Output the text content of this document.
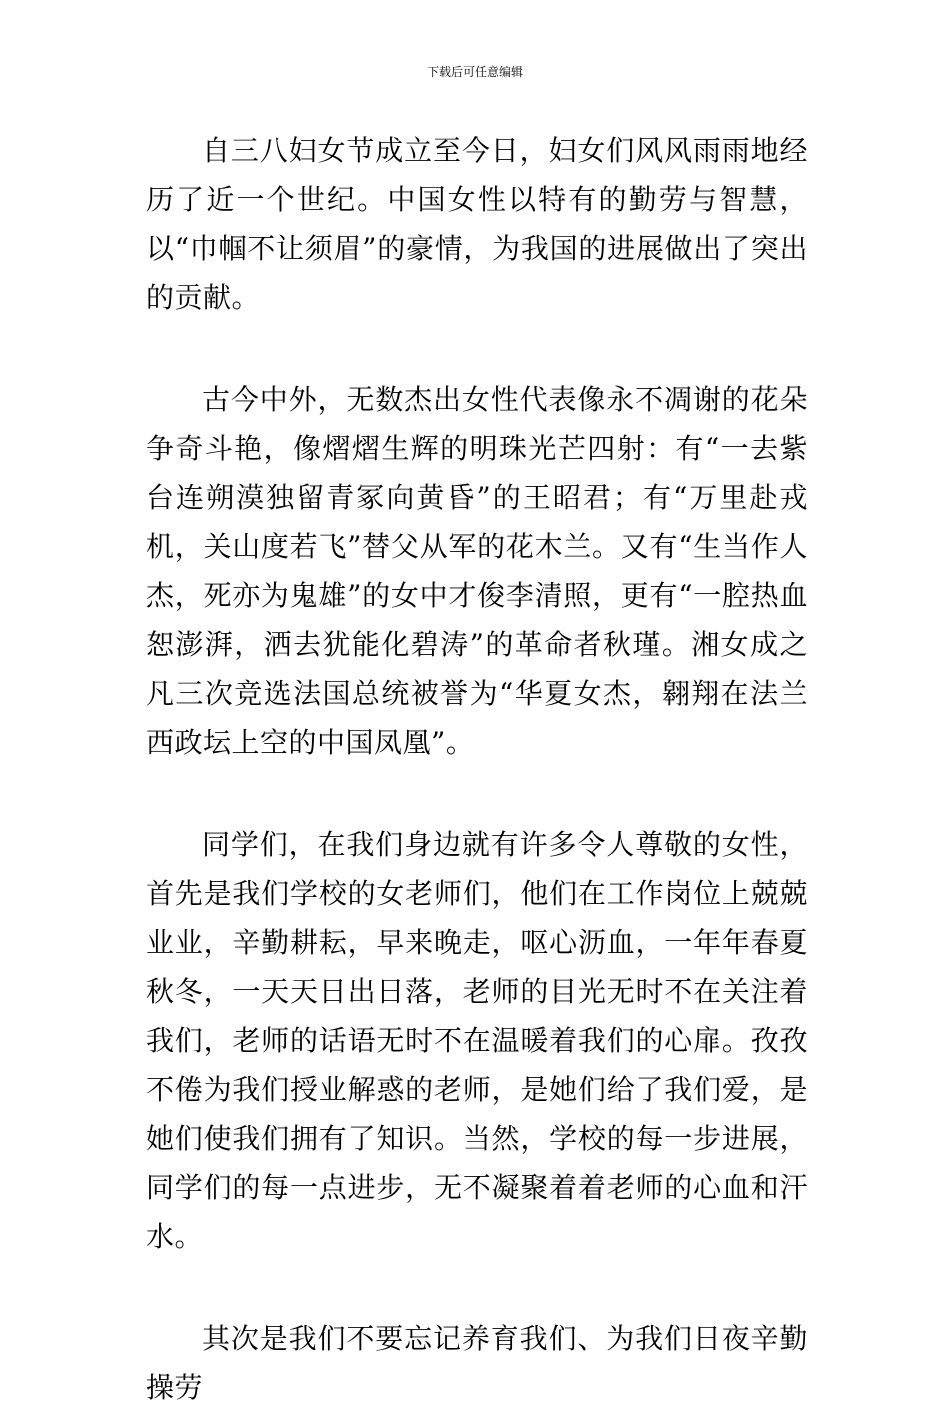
下载后可任意编辑

自三八妇女节成立至今日，妇女们风风雨雨地经历了近一个世纪。中国女性以特有的勤劳与智慧，以“巾帼不让须眉”的豪情，为我国的进展做出了突出的贡献。

古今中外，无数杰出女性代表像永不凋谢的花朵争奇斗艳，像熠熠生辉的明珠光芒四射：有“一去紫台连朔漠独留青冢向黄昏”的王昭君；有“万里赴戎机，关山度若飞”替父从军的花木兰。又有“生当作人杰，死亦为鬼雄”的女中才俊李清照，更有“一腔热血恕澎湃，洒去犹能化碧涛”的革命者秋瑾。湘女成之凡三次竞选法国总统被誉为“华夏女杰，翱翔在法兰西政坛上空的中国凤凰”。

同学们，在我们身边就有许多令人尊敬的女性，首先是我们学校的女老师们，他们在工作岗位上兢兢业业，辛勤耕耘，早来晚走，呕心沥血，一年年春夏秋冬，一天天日出日落，老师的目光无时不在关注着我们，老师的话语无时不在温暖着我们的心扉。孜孜不倦为我们授业解惑的老师，是她们给了我们爱，是她们使我们拥有了知识。当然，学校的每一步进展，同学们的每一点进步，无不凝聚着着老师的心血和汗水。

其次是我们不要忘记养育我们、为我们日夜辛勤操劳
